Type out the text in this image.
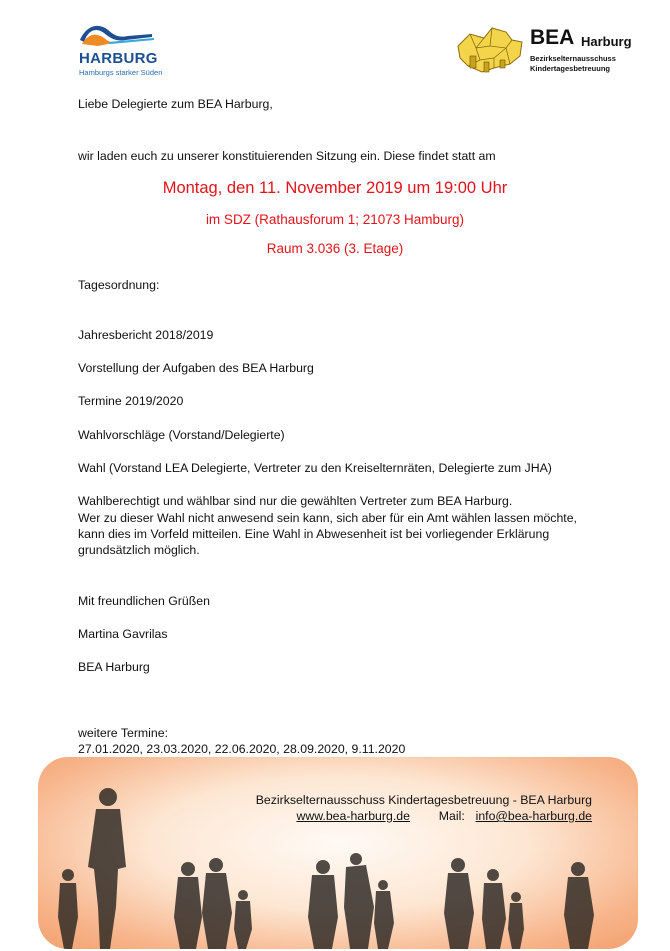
HARBURG
Hamburgs starker Süden
BEA Harburg
Bezirkselternausschuss
Kindertagesbetreuung
Liebe Delegierte zum BEA Harburg,
wir laden euch zu unserer konstituierenden Sitzung ein. Diese findet statt am
Montag, den 11. November 2019 um 19:00 Uhr
im SDZ (Rathausforum 1; 21073 Hamburg)
Raum 3.036 (3. Etage)
Tagesordnung:
Jahresbericht 2018/2019
Vorstellung der Aufgaben des BEA Harburg
Termine 2019/2020
Wahlvorschläge (Vorstand/Delegierte)
Wahl (Vorstand LEA Delegierte, Vertreter zu den Kreiselternräten, Delegierte zum JHA)
Wahlberechtigt und wählbar sind nur die gewählten Vertreter zum BEA Harburg.
Wer zu dieser Wahl nicht anwesend sein kann, sich aber für ein Amt wählen lassen möchte,
kann dies im Vorfeld mitteilen. Eine Wahl in Abwesenheit ist bei vorliegender Erklärung
grundsätzlich möglich.
Mit freundlichen Grüßen
Martina Gavrilas
BEA Harburg
weitere Termine:
27.01.2020, 23.03.2020, 22.06.2020, 28.09.2020, 9.11.2020
Bezirkselternausschuss Kindertagesbetreuung - BEA Harburg
www.bea-harburg.de Mail: info@bea-harburg.de
